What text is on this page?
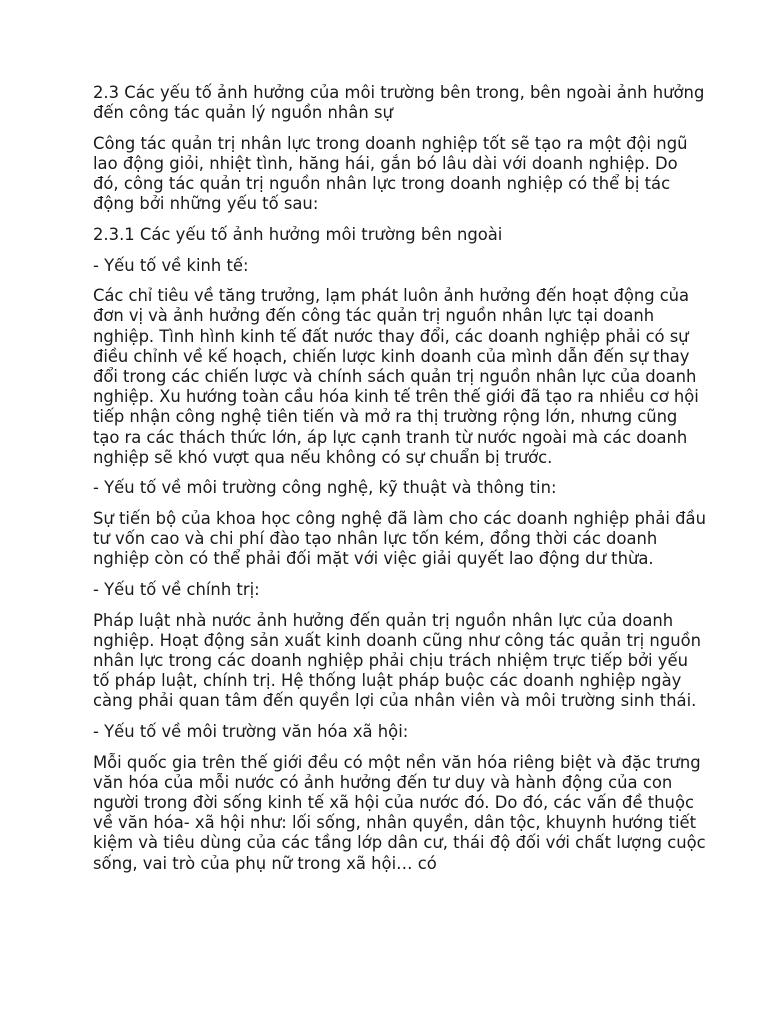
2.3 Các yếu tố ảnh hưởng của môi trường bên trong, bên ngoài ảnh hưởng đến công tác quản lý nguồn nhân sự

Công tác quản trị nhân lực trong doanh nghiệp tốt sẽ tạo ra một đội ngũ lao động giỏi, nhiệt tình, hăng hái, gắn bó lâu dài với doanh nghiệp. Do đó, công tác quản trị nguồn nhân lực trong doanh nghiệp có thể bị tác động bởi những yếu tố sau:

2.3.1 Các yếu tố ảnh hưởng môi trường bên ngoài

- Yếu tố về kinh tế:

Các chỉ tiêu về tăng trưởng, lạm phát luôn ảnh hưởng đến hoạt động của đơn vị và ảnh hưởng đến công tác quản trị nguồn nhân lực tại doanh nghiệp. Tình hình kinh tế đất nước thay đổi, các doanh nghiệp phải có sự điều chỉnh về kế hoạch, chiến lược kinh doanh của mình dẫn đến sự thay đổi trong các chiến lược và chính sách quản trị nguồn nhân lực của doanh nghiệp. Xu hướng toàn cầu hóa kinh tế trên thế giới đã tạo ra nhiều cơ hội tiếp nhận công nghệ tiên tiến và mở ra thị trường rộng lớn, nhưng cũng tạo ra các thách thức lớn, áp lực cạnh tranh từ nước ngoài mà các doanh nghiệp sẽ khó vượt qua nếu không có sự chuẩn bị trước.

- Yếu tố về môi trường công nghệ, kỹ thuật và thông tin:

Sự tiến bộ của khoa học công nghệ đã làm cho các doanh nghiệp phải đầu tư vốn cao và chi phí đào tạo nhân lực tốn kém, đồng thời các doanh nghiệp còn có thể phải đối mặt với việc giải quyết lao động dư thừa.

- Yếu tố về chính trị:

Pháp luật nhà nước ảnh hưởng đến quản trị nguồn nhân lực của doanh nghiệp. Hoạt động sản xuất kinh doanh cũng như công tác quản trị nguồn nhân lực trong các doanh nghiệp phải chịu trách nhiệm trực tiếp bởi yếu tố pháp luật, chính trị. Hệ thống luật pháp buộc các doanh nghiệp ngày càng phải quan tâm đến quyền lợi của nhân viên và môi trường sinh thái.

- Yếu tố về môi trường văn hóa xã hội:

Mỗi quốc gia trên thế giới đều có một nền văn hóa riêng biệt và đặc trưng văn hóa của mỗi nước có ảnh hưởng đến tư duy và hành động của con người trong đời sống kinh tế xã hội của nước đó. Do đó, các vấn đề thuộc về văn hóa- xã hội như: lối sống, nhân quyền, dân tộc, khuynh hướng tiết kiệm và tiêu dùng của các tầng lớp dân cư, thái độ đối với chất lượng cuộc sống, vai trò của phụ nữ trong xã hội… có
